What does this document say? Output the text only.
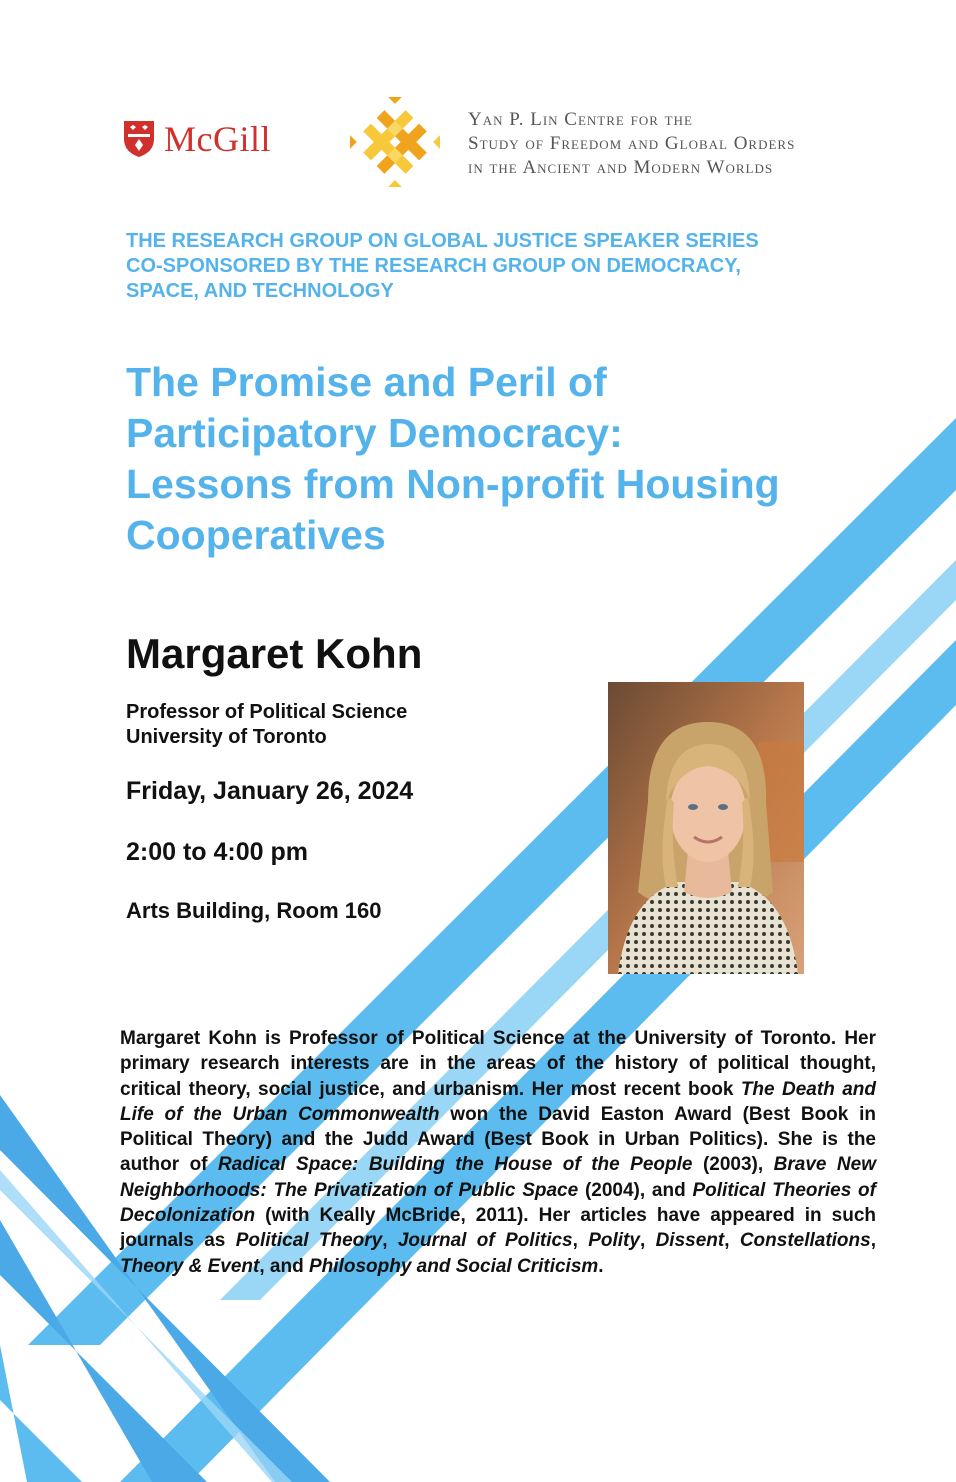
McGill	Yan P. Lin Centre for the
Study of Freedom and Global Orders
in the Ancient and Modern Worlds
THE RESEARCH GROUP ON GLOBAL JUSTICE SPEAKER SERIES
CO-SPONSORED BY THE RESEARCH GROUP ON DEMOCRACY,
SPACE, AND TECHNOLOGY
The Promise and Peril of
Participatory Democracy:
Lessons from Non-profit Housing
Cooperatives
Margaret Kohn
Professor of Political Science
University of Toronto
Friday, January 26, 2024
2:00 to 4:00 pm
Arts Building, Room 160
Margaret Kohn is Professor of Political Science at the University of Toronto. Her primary research interests are in the areas of the history of political thought, critical theory, social justice, and urbanism. Her most recent book The Death and Life of the Urban Commonwealth won the David Easton Award (Best Book in Political Theory) and the Judd Award (Best Book in Urban Politics). She is the author of Radical Space: Building the House of the People (2003), Brave New Neighborhoods: The Privatization of Public Space (2004), and Political Theories of Decolonization (with Keally McBride, 2011). Her articles have appeared in such journals as Political Theory, Journal of Politics, Polity, Dissent, Constellations, Theory & Event, and Philosophy and Social Criticism.
